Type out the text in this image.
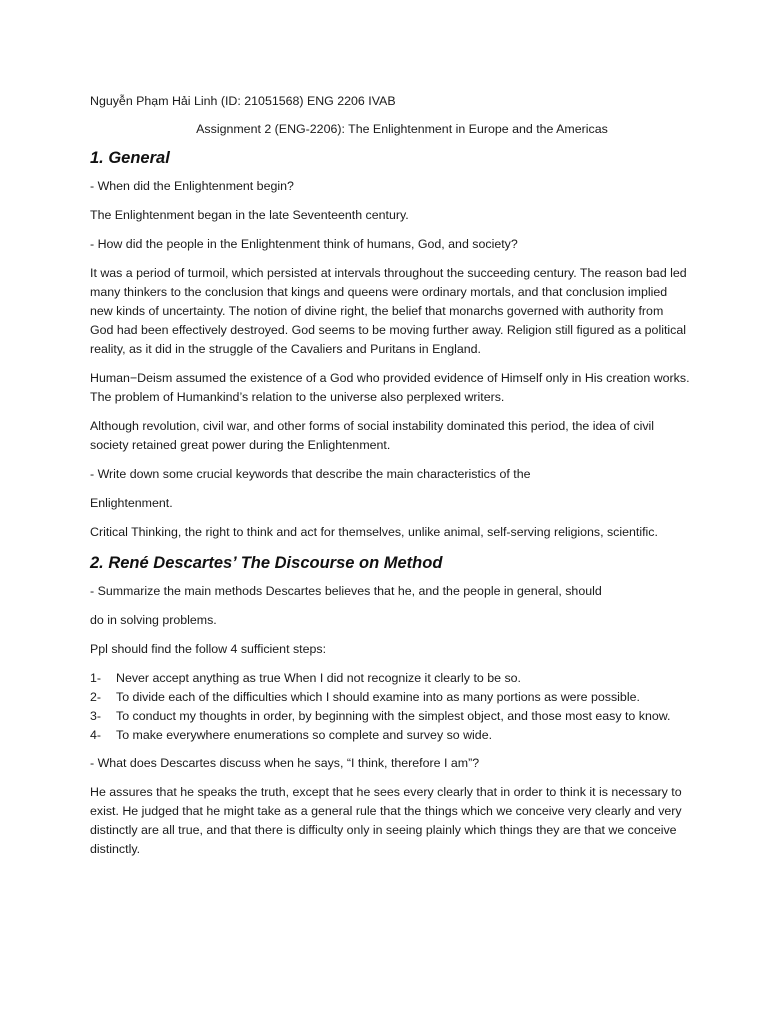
Nguyễn Phạm Hải Linh (ID: 21051568) ENG 2206 IVAB

Assignment 2 (ENG-2206): The Enlightenment in Europe and the Americas

1. General

- When did the Enlightenment begin?

The Enlightenment began in the late Seventeenth century.

- How did the people in the Enlightenment think of humans, God, and society?

It was a period of turmoil, which persisted at intervals throughout the succeeding century. The reason bad led many thinkers to the conclusion that kings and queens were ordinary mortals, and that conclusion implied new kinds of uncertainty. The notion of divine right, the belief that monarchs governed with authority from God had been effectively destroyed. God seems to be moving further away. Religion still figured as a political reality, as it did in the struggle of the Cavaliers and Puritans in England.

Human−Deism assumed the existence of a God who provided evidence of Himself only in His creation works. The problem of Humankind’s relation to the universe also perplexed writers.

Although revolution, civil war, and other forms of social instability dominated this period, the idea of civil society retained great power during the Enlightenment.

- Write down some crucial keywords that describe the main characteristics of the

Enlightenment.

Critical Thinking, the right to think and act for themselves, unlike animal, self-serving religions, scientific.

2. René Descartes’ The Discourse on Method

- Summarize the main methods Descartes believes that he, and the people in general, should

do in solving problems.

Ppl should find the follow 4 sufficient steps:

1- Never accept anything as true When I did not recognize it clearly to be so.
2- To divide each of the difficulties which I should examine into as many portions as were possible.
3- To conduct my thoughts in order, by beginning with the simplest object, and those most easy to know.
4- To make everywhere enumerations so complete and survey so wide.

- What does Descartes discuss when he says, “I think, therefore I am”?

He assures that he speaks the truth, except that he sees every clearly that in order to think it is necessary to exist. He judged that he might take as a general rule that the things which we conceive very clearly and very distinctly are all true, and that there is difficulty only in seeing plainly which things they are that we conceive distinctly.
